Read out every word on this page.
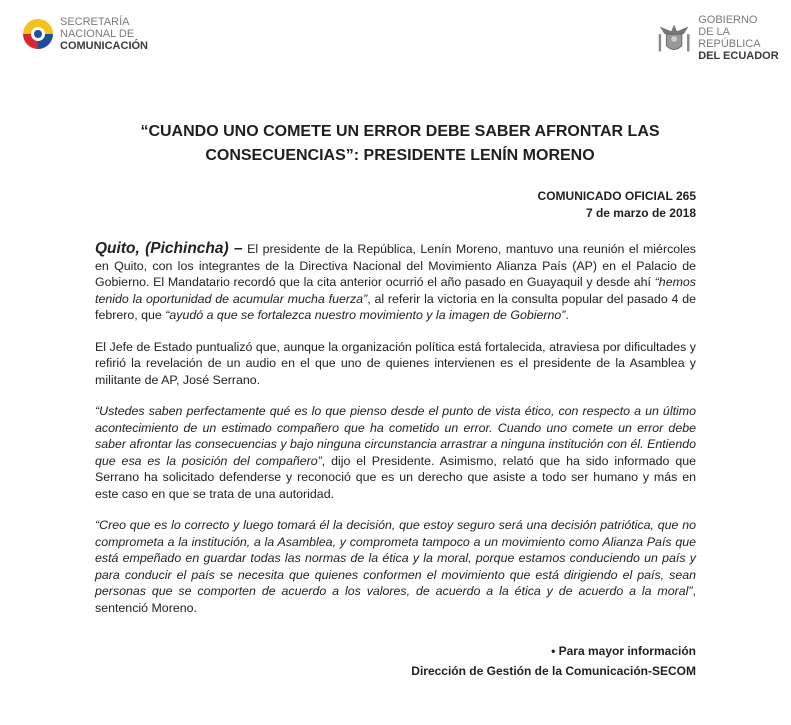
SECRETARÍA
NACIONAL DE
COMUNICACIÓN
GOBIERNO
DE LA REPÚBLICA
DEL ECUADOR
“CUANDO UNO COMETE UN ERROR DEBE SABER AFRONTAR LAS
CONSECUENCIAS”: PRESIDENTE LENÍN MORENO
COMUNICADO OFICIAL 265
7 de marzo de 2018

Quito, (Pichincha) – El presidente de la República, Lenín Moreno, mantuvo una reunión el miércoles en Quito, con los integrantes de la Directiva Nacional del Movimiento Alianza País (AP) en el Palacio de Gobierno. El Mandatario recordó que la cita anterior ocurrió el año pasado en Guayaquil y desde ahí “hemos tenido la oportunidad de acumular mucha fuerza”, al referir la victoria en la consulta popular del pasado 4 de febrero, que “ayudó a que se fortalezca nuestro movimiento y la imagen de Gobierno”.

El Jefe de Estado puntualizó que, aunque la organización política está fortalecida, atraviesa por dificultades y refirió la revelación de un audio en el que uno de quienes intervienen es el presidente de la Asamblea y militante de AP, José Serrano.

“Ustedes saben perfectamente qué es lo que pienso desde el punto de vista ético, con respecto a un último acontecimiento de un estimado compañero que ha cometido un error. Cuando uno comete un error debe saber afrontar las consecuencias y bajo ninguna circunstancia arrastrar a ninguna institución con él. Entiendo que esa es la posición del compañero”, dijo el Presidente. Asimismo, relató que ha sido informado que Serrano ha solicitado defenderse y reconoció que es un derecho que asiste a todo ser humano y más en este caso en que se trata de una autoridad.

“Creo que es lo correcto y luego tomará él la decisión, que estoy seguro será una decisión patriótica, que no comprometa a la institución, a la Asamblea, y comprometa tampoco a un movimiento como Alianza País que está empeñado en guardar todas las normas de la ética y la moral, porque estamos conduciendo un país y para conducir el país se necesita que quienes conformen el movimiento que está dirigiendo el país, sean personas que se comporten de acuerdo a los valores, de acuerdo a la ética y de acuerdo a la moral”, sentenció Moreno.

• Para mayor información
Dirección de Gestión de la Comunicación-SECOM
